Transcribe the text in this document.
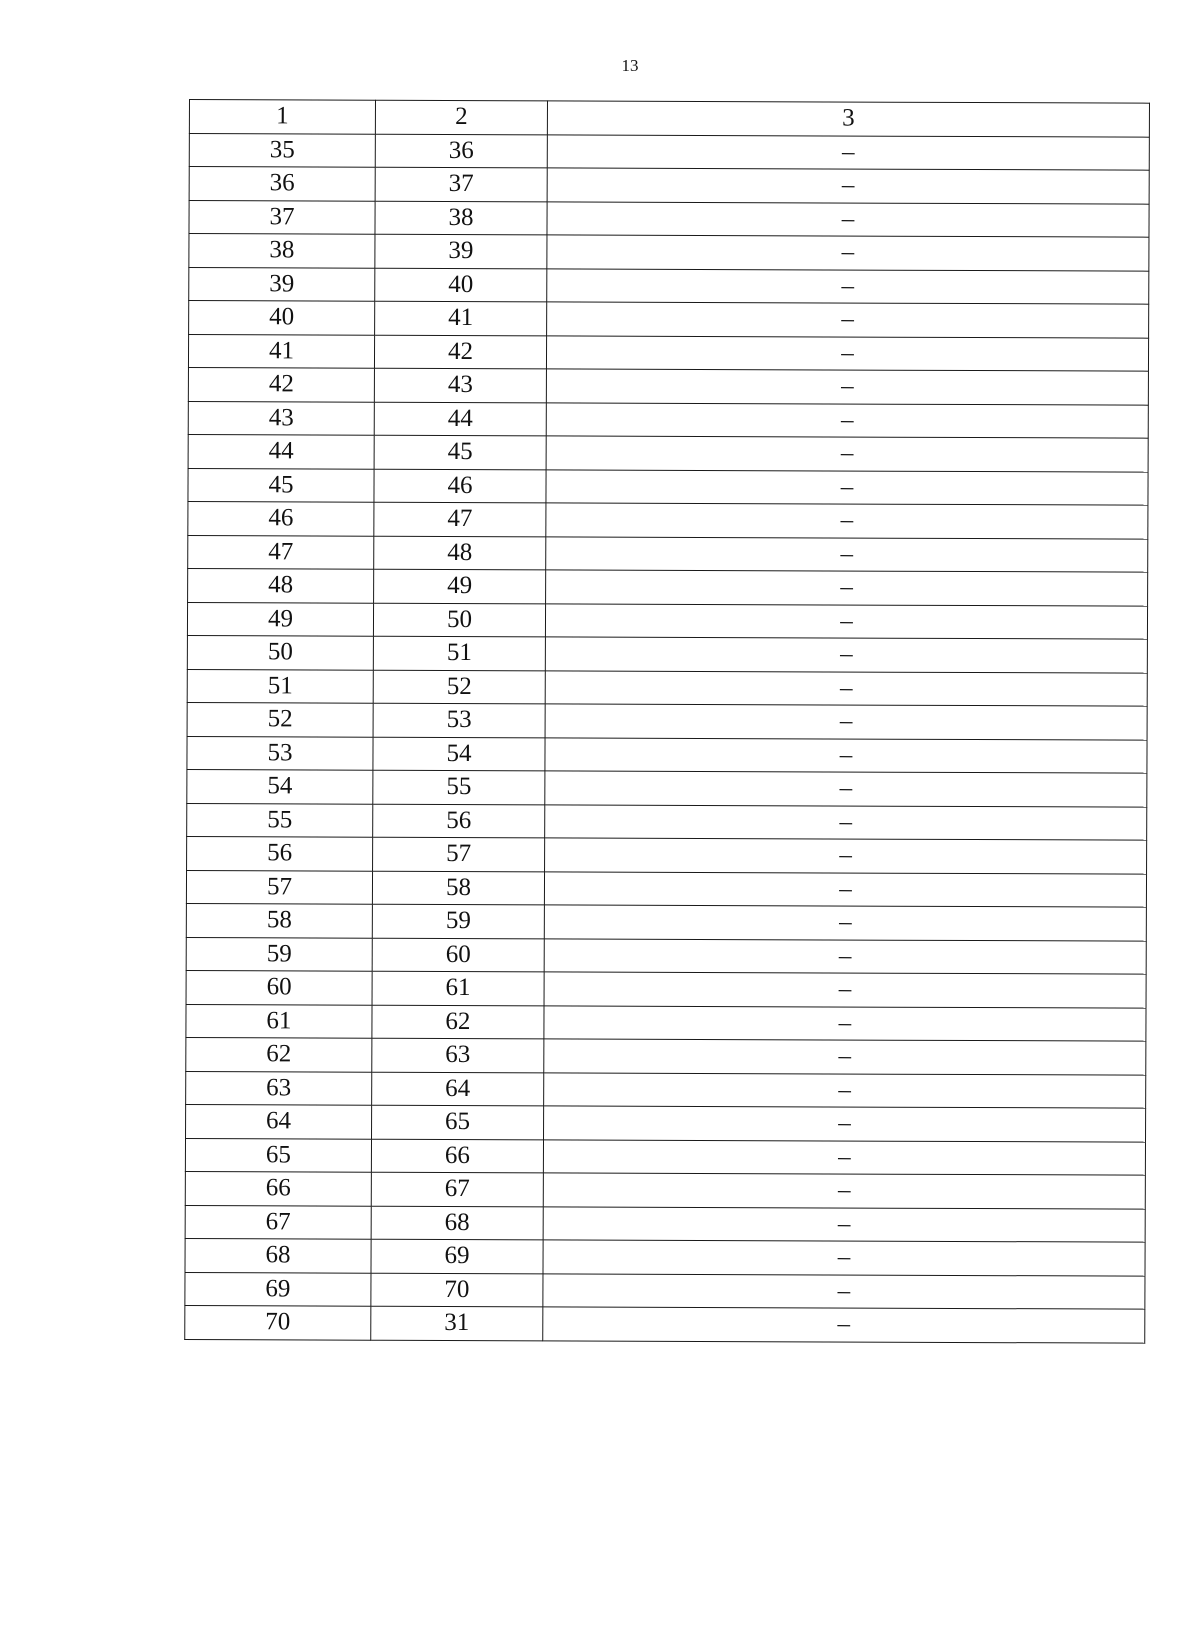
13
1	2	3
35	36	–
36	37	–
37	38	–
38	39	–
39	40	–
40	41	–
41	42	–
42	43	–
43	44	–
44	45	–
45	46	–
46	47	–
47	48	–
48	49	–
49	50	–
50	51	–
51	52	–
52	53	–
53	54	–
54	55	–
55	56	–
56	57	–
57	58	–
58	59	–
59	60	–
60	61	–
61	62	–
62	63	–
63	64	–
64	65	–
65	66	–
66	67	–
67	68	–
68	69	–
69	70	–
70	31	–
